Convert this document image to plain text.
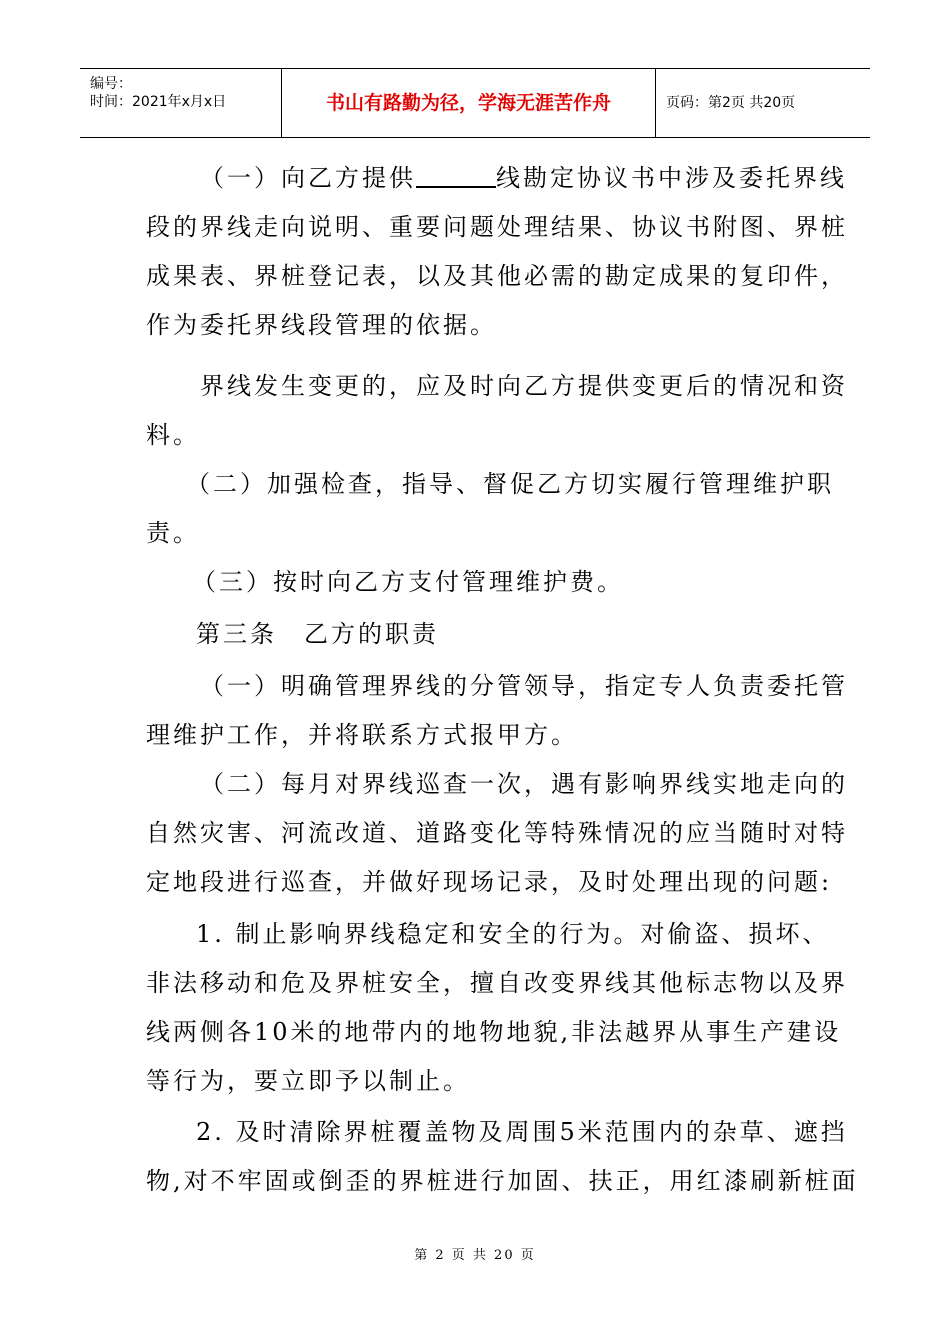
编号：
时间：2021年x月x日	书山有路勤为径，学海无涯苦作舟	页码：第2页 共20页
（一）向乙方提供	线勘定协议书中涉及委托界线
段的界线走向说明、重要问题处理结果、协议书附图、界桩
成果表、界桩登记表，以及其他必需的勘定成果的复印件，
作为委托界线段管理的依据。
界线发生变更的，应及时向乙方提供变更后的情况和资
料。
（二）加强检查，指导、督促乙方切实履行管理维护职
责。
（三）按时向乙方支付管理维护费。
第三条　乙方的职责
（一）明确管理界线的分管领导，指定专人负责委托管
理维护工作，并将联系方式报甲方。
（二）每月对界线巡查一次，遇有影响界线实地走向的
自然灾害、河流改道、道路变化等特殊情况的应当随时对特
定地段进行巡查，并做好现场记录，及时处理出现的问题:
1. 制止影响界线稳定和安全的行为。对偷盗、损坏、
非法移动和危及界桩安全，擅自改变界线其他标志物以及界
线两侧各10米的地带内的地物地貌,非法越界从事生产建设
等行为，要立即予以制止。
2. 及时清除界桩覆盖物及周围5米范围内的杂草、遮挡
物,对不牢固或倒歪的界桩进行加固、扶正，用红漆刷新桩面
第 2 页 共 20 页
